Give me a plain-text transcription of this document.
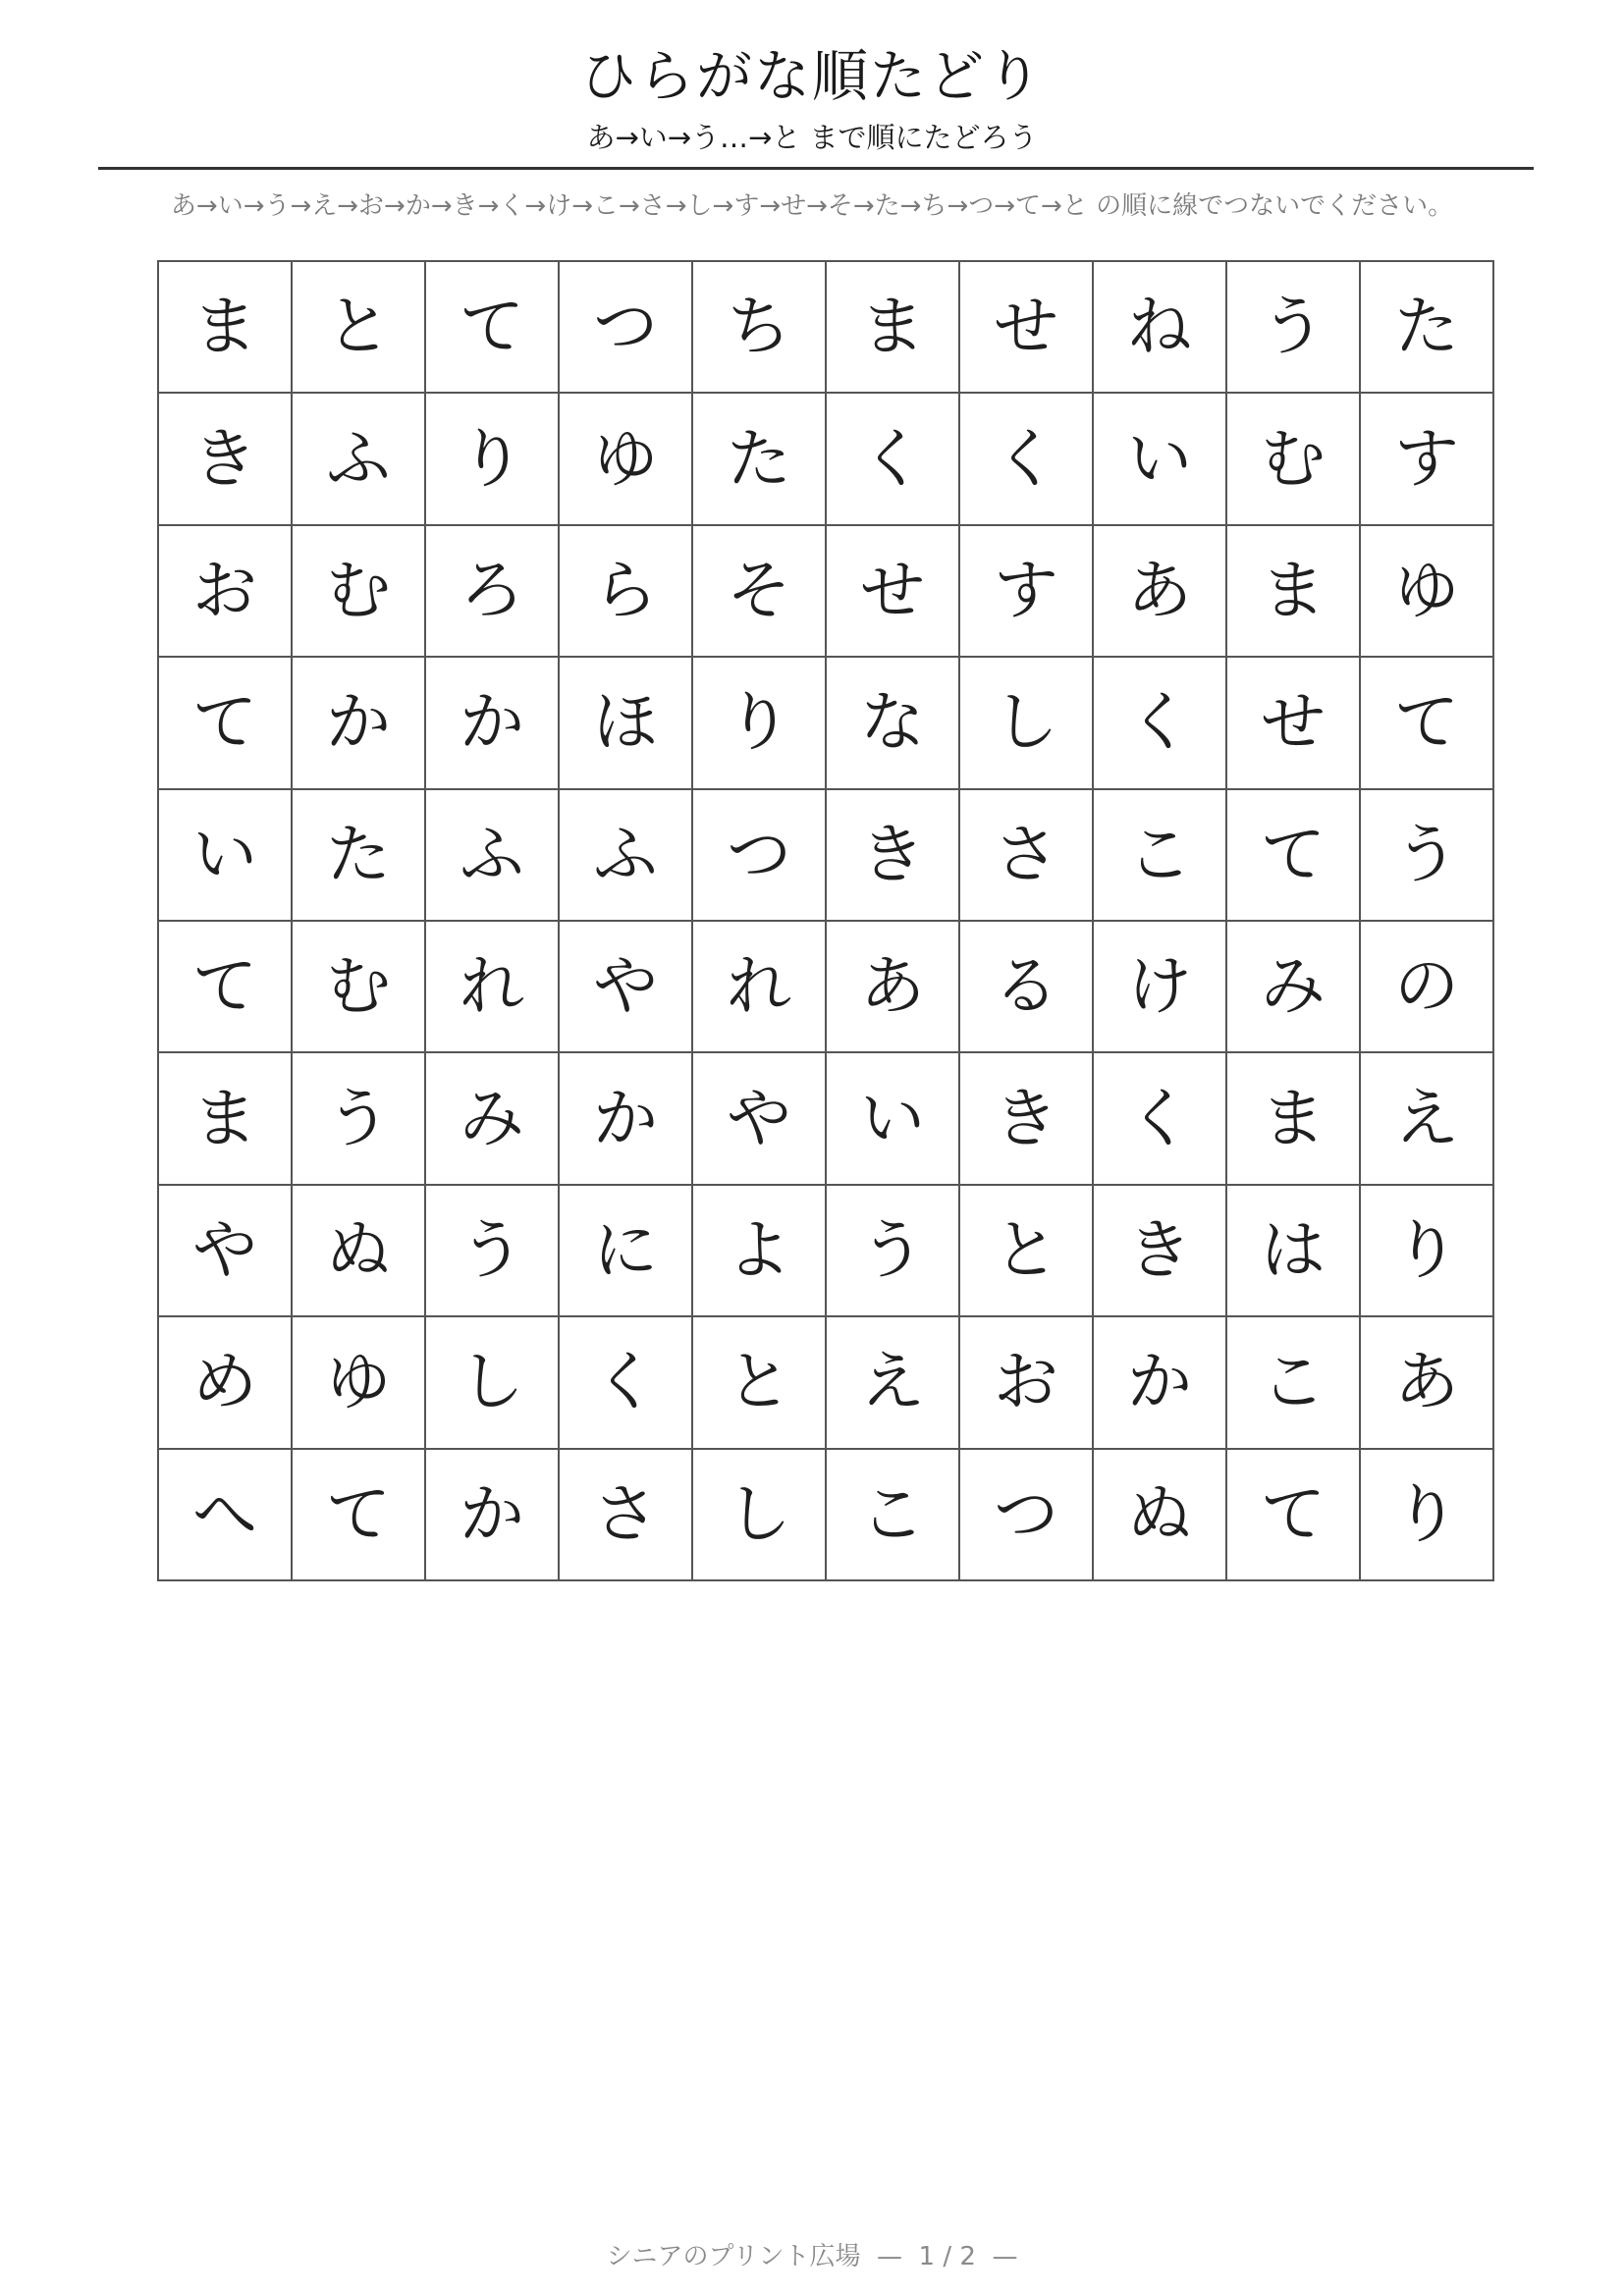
ひらがな順たどり
あ→い→う…→と まで順にたどろう
あ→い→う→え→お→か→き→く→け→こ→さ→し→す→せ→そ→た→ち→つ→て→と の順に線でつないでください。
ま	と	て	つ	ち	ま	せ	ね	う	た
き	ふ	り	ゆ	た	く	く	い	む	す
お	む	ろ	ら	そ	せ	す	あ	ま	ゆ
て	か	か	ほ	り	な	し	く	せ	て
い	た	ふ	ふ	つ	き	さ	こ	て	う
て	む	れ	や	れ	あ	る	け	み	の
ま	う	み	か	や	い	き	く	ま	え
や	ぬ	う	に	よ	う	と	き	は	り
め	ゆ	し	く	と	え	お	か	こ	あ
へ	て	か	さ	し	こ	つ	ぬ	て	り
シニアのプリント広場  —  1 / 2  —
